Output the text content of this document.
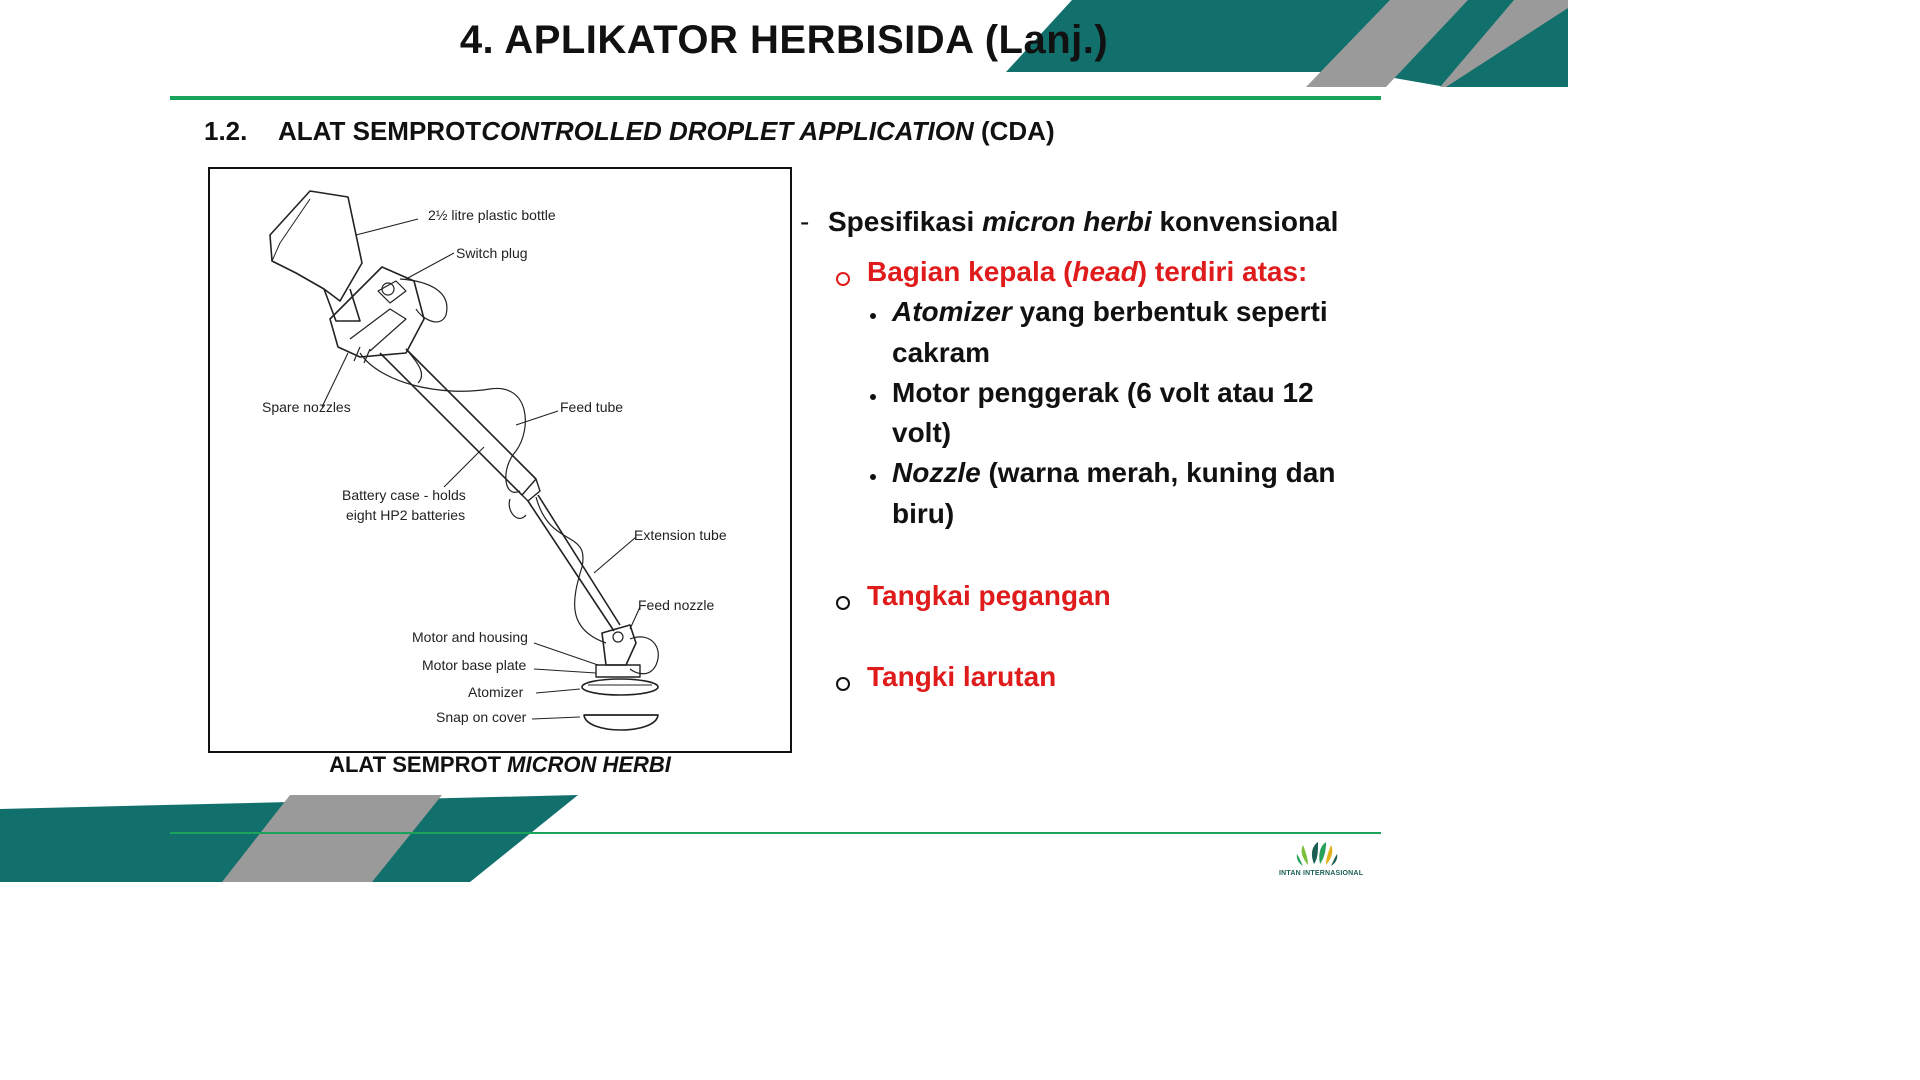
4. APLIKATOR HERBISIDA (Lanj.)
1.2. ALAT SEMPROTCONTROLLED DROPLET APPLICATION (CDA)
2½ litre plastic bottle
Switch plug
Spare nozzles	Feed tube
Battery case - holds
eight HP2 batteries
Extension tube
Feed nozzle
Motor and housing
Motor base plate
Atomizer
Snap on cover
ALAT SEMPROT MICRON HERBI
- Spesifikasi micron herbi konvensional
Bagian kepala (head) terdiri atas:
Atomizer yang berbentuk seperti
cakram
Motor penggerak (6 volt atau 12
volt)
Nozzle (warna merah, kuning dan
biru)
Tangkai pegangan
Tangki larutan
INTAN INTERNASIONAL
